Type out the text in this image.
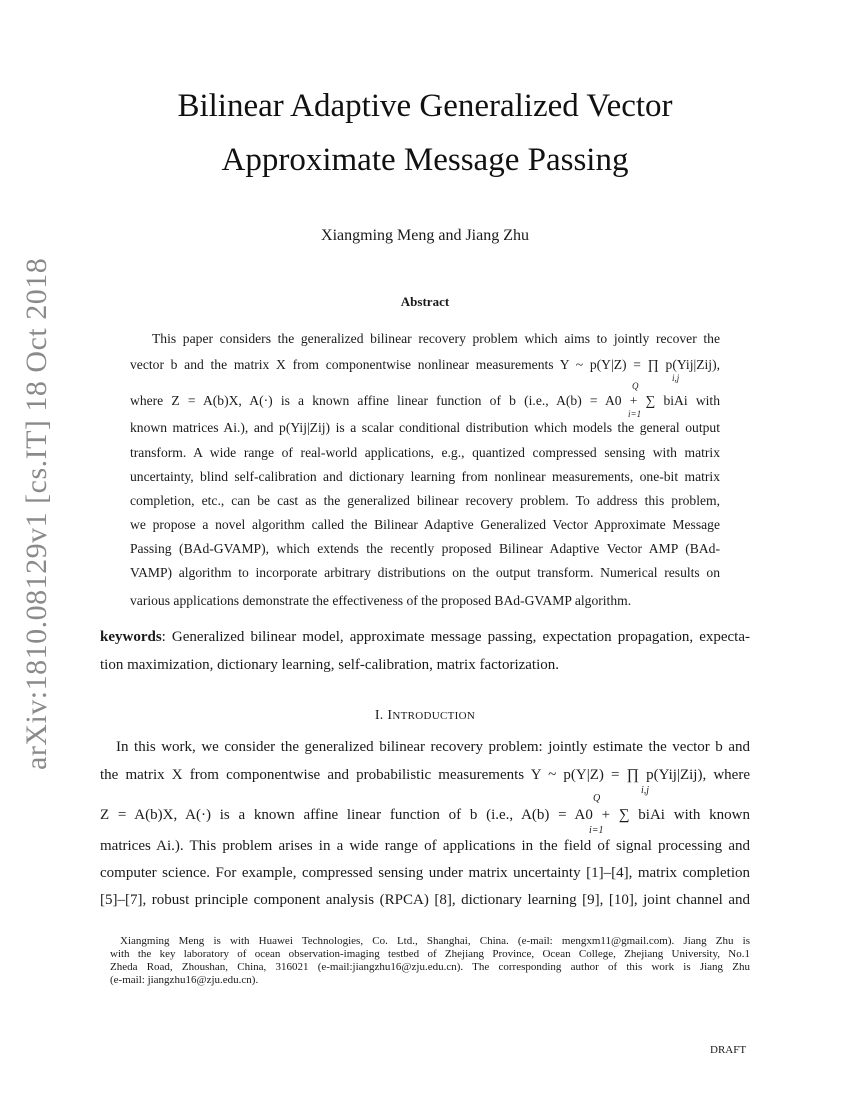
arXiv:1810.08129v1 [cs.IT] 18 Oct 2018
Bilinear Adaptive Generalized Vector
Approximate Message Passing
Xiangming Meng and Jiang Zhu
Abstract
This paper considers the generalized bilinear recovery problem which aims to jointly recover the
vector b and the matrix X from componentwise nonlinear measurements Y ~ p(Y|Z) = ∏ p(Yij|Zij),
i,j
Q
where Z = A(b)X, A(·) is a known affine linear function of b (i.e., A(b) = A0 + ∑ biAi with
i=1
known matrices Ai.), and p(Yij|Zij) is a scalar conditional distribution which models the general output
transform. A wide range of real-world applications, e.g., quantized compressed sensing with matrix
uncertainty, blind self-calibration and dictionary learning from nonlinear measurements, one-bit matrix
completion, etc., can be cast as the generalized bilinear recovery problem. To address this problem,
we propose a novel algorithm called the Bilinear Adaptive Generalized Vector Approximate Message
Passing (BAd-GVAMP), which extends the recently proposed Bilinear Adaptive Vector AMP (BAd-
VAMP) algorithm to incorporate arbitrary distributions on the output transform. Numerical results on
various applications demonstrate the effectiveness of the proposed BAd-GVAMP algorithm.
keywords: Generalized bilinear model, approximate message passing, expectation propagation, expecta-
tion maximization, dictionary learning, self-calibration, matrix factorization.
I. INTRODUCTION
In this work, we consider the generalized bilinear recovery problem: jointly estimate the vector b and
the matrix X from componentwise and probabilistic measurements Y ~ p(Y|Z) = ∏ p(Yij|Zij), where
i,j
Q
Z = A(b)X, A(·) is a known affine linear function of b (i.e., A(b) = A0 + ∑ biAi with known
i=1
matrices Ai.). This problem arises in a wide range of applications in the field of signal processing and
computer science. For example, compressed sensing under matrix uncertainty [1]–[4], matrix completion
[5]–[7], robust principle component analysis (RPCA) [8], dictionary learning [9], [10], joint channel and
Xiangming Meng is with Huawei Technologies, Co. Ltd., Shanghai, China. (e-mail: mengxm11@gmail.com). Jiang Zhu is
with the key laboratory of ocean observation-imaging testbed of Zhejiang Province, Ocean College, Zhejiang University, No.1
Zheda Road, Zhoushan, China, 316021 (e-mail:jiangzhu16@zju.edu.cn). The corresponding author of this work is Jiang Zhu
(e-mail: jiangzhu16@zju.edu.cn).
DRAFT
